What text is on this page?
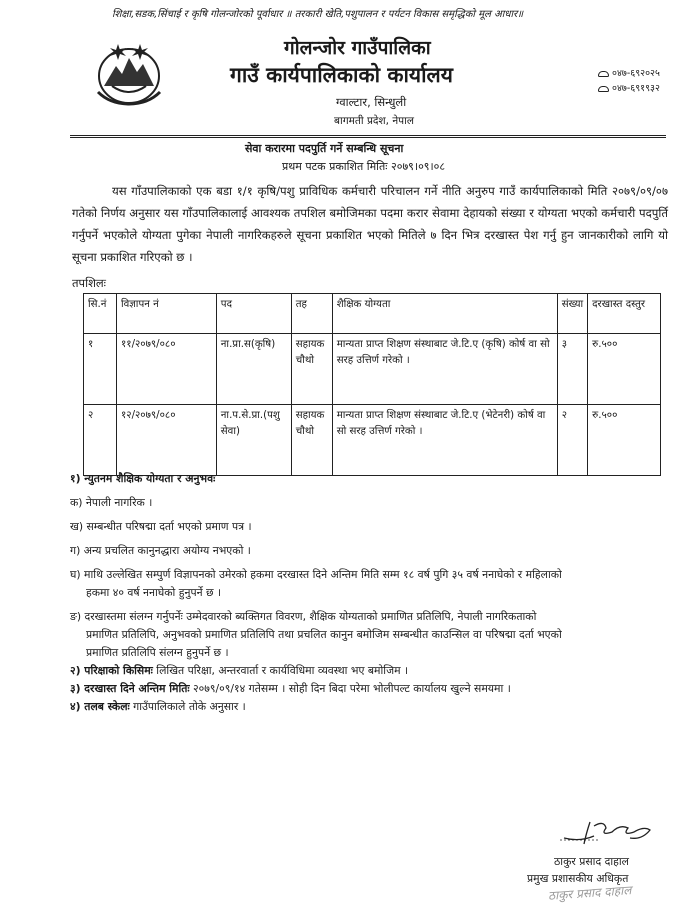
शिक्षा,सडक,सिंचाई र कृषि गोलन्जोरको पूर्वाधार ॥ तरकारी खेति,पशुपालन र पर्यटन विकास समृद्धिको मूल आधार॥
गोलन्जोर गाउँपालिका
गाउँ कार्यपालिकाको कार्यालय
ग्वाल्टार, सिन्धुली
बागमती प्रदेश, नेपाल
०४७-६९२०२५
०४७-६९१९३२
सेवा करारमा पदपुर्ति गर्ने सम्बन्धि सूचना
प्रथम पटक प्रकाशित मितिः २०७९।०९।०८
यस गाँउपालिकाको एक बडा १/१ कृषि/पशु प्राविधिक कर्मचारी परिचालन गर्ने नीति अनुरुप गाउँ कार्यपालिकाको मिति २०७९/०९/०७ गतेको निर्णय अनुसार यस गाँउपालिकालाई आवश्यक तपशिल बमोजिमका पदमा करार सेवामा देहायको संख्या र योग्यता भएको कर्मचारी पदपुर्ति गर्नुपर्ने भएकोले योग्यता पुगेका नेपाली नागरिकहरुले सूचना प्रकाशित भएको मितिले ७ दिन भित्र दरखास्त पेश गर्नु हुन जानकारीको लागि यो सूचना प्रकाशित गरिएको छ ।
तपशिलः
सि.नं	विज्ञापन नं	पद	तह	शैक्षिक योग्यता	संख्या	दरखास्त दस्तुर
१	११/२०७९/०८०	ना.प्रा.स(कृषि)	सहायक चौथो	मान्यता प्राप्त शिक्षण संस्थाबाट जे.टि.ए (कृषि) कोर्ष वा सो सरह उत्तिर्ण गरेको ।	३	रु.५००
२	१२/२०७९/०८०	ना.प.से.प्रा.(पशु सेवा)	सहायक चौथो	मान्यता प्राप्त शिक्षण संस्थाबाट जे.टि.ए (भेटेनरी) कोर्ष वा सो सरह उत्तिर्ण गरेको ।	२	रु.५००
१) न्युतनम शैक्षिक योग्यता र अनुभवः
क) नेपाली नागरिक ।
ख) सम्बन्धीत परिषद्मा दर्ता भएको प्रमाण पत्र ।
ग) अन्य प्रचलित कानुनद्धारा अयोग्य नभएको ।
घ) माथि उल्लेखित सम्पुर्ण विज्ञापनको उमेरको हकमा दरखास्त दिने अन्तिम मिति सम्म १८ वर्ष पुगि ३५ वर्ष ननाघेको र महिलाको
हकमा ४० वर्ष ननाघेको हुनुपर्ने छ ।
ङ) दरखास्तमा संलग्न गर्नुपर्नेः उम्मेदवारको ब्यक्तिगत विवरण, शैक्षिक योग्यताको प्रमाणित प्रतिलिपि, नेपाली नागरिकताको
प्रमाणित प्रतिलिपि, अनुभवको प्रमाणित प्रतिलिपि तथा प्रचलित कानुन बमोजिम सम्बन्धीत काउन्सिल वा परिषद्मा दर्ता भएको
प्रमाणित प्रतिलिपि संलग्न हुनुपर्ने छ ।
२) परिक्षाको किसिमः लिखित परिक्षा, अन्तरवार्ता र कार्यविधिमा व्यवस्था भए बमोजिम ।
३) दरखास्त दिने अन्तिम मितिः २०७९/०९/१४ गतेसम्म । सोही दिन बिदा परेमा भोलीपल्ट कार्यालय खुल्ने समयमा ।
४) तलब स्केलः गाउँपालिकाले तोके अनुसार ।
ठाकुर प्रसाद दाहाल
प्रमुख प्रशासकीय अधिकृत
ठाकुर प्रसाद दाहाल
